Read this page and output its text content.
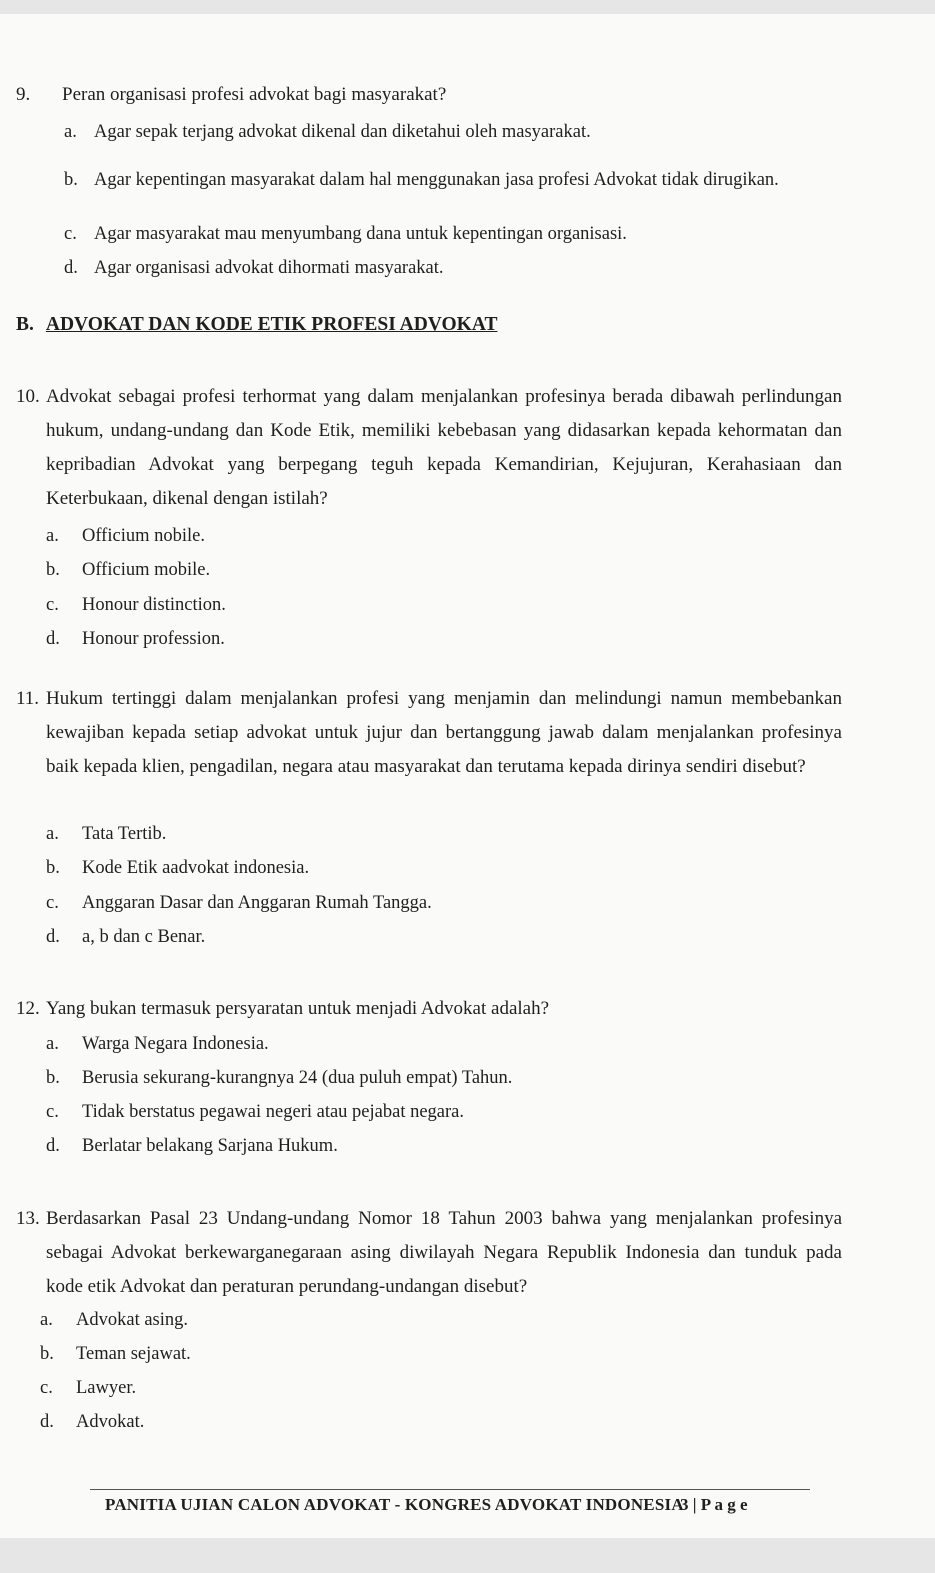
9. Peran organisasi profesi advokat bagi masyarakat?
a. Agar sepak terjang advokat dikenal dan diketahui oleh masyarakat.
b. Agar kepentingan masyarakat dalam hal menggunakan jasa profesi Advokat tidak dirugikan.
c. Agar masyarakat mau menyumbang dana untuk kepentingan organisasi.
d. Agar organisasi advokat dihormati masyarakat.
B. ADVOKAT DAN KODE ETIK PROFESI ADVOKAT
10. Advokat sebagai profesi terhormat yang dalam menjalankan profesinya berada dibawah perlindungan hukum, undang-undang dan Kode Etik, memiliki kebebasan yang didasarkan kepada kehormatan dan kepribadian Advokat yang berpegang teguh kepada Kemandirian, Kejujuran, Kerahasiaan dan Keterbukaan, dikenal dengan istilah?
a. Officium nobile.
b. Officium mobile.
c. Honour distinction.
d. Honour profession.
11. Hukum tertinggi dalam menjalankan profesi yang menjamin dan melindungi namun membebankan kewajiban kepada setiap advokat untuk jujur dan bertanggung jawab dalam menjalankan profesinya baik kepada klien, pengadilan, negara atau masyarakat dan terutama kepada dirinya sendiri disebut?
a. Tata Tertib.
b. Kode Etik aadvokat indonesia.
c. Anggaran Dasar dan Anggaran Rumah Tangga.
d. a, b dan c Benar.
12. Yang bukan termasuk persyaratan untuk menjadi Advokat adalah?
a. Warga Negara Indonesia.
b. Berusia sekurang-kurangnya 24 (dua puluh empat) Tahun.
c. Tidak berstatus pegawai negeri atau pejabat negara.
d. Berlatar belakang Sarjana Hukum.
13. Berdasarkan Pasal 23 Undang-undang Nomor 18 Tahun 2003 bahwa yang menjalankan profesinya sebagai Advokat berkewarganegaraan asing diwilayah Negara Republik Indonesia dan tunduk pada kode etik Advokat dan peraturan perundang-undangan disebut?
a. Advokat asing.
b. Teman sejawat.
c. Lawyer.
d. Advokat.
PANITIA UJIAN CALON ADVOKAT - KONGRES ADVOKAT INDONESIA
3 | P a g e
